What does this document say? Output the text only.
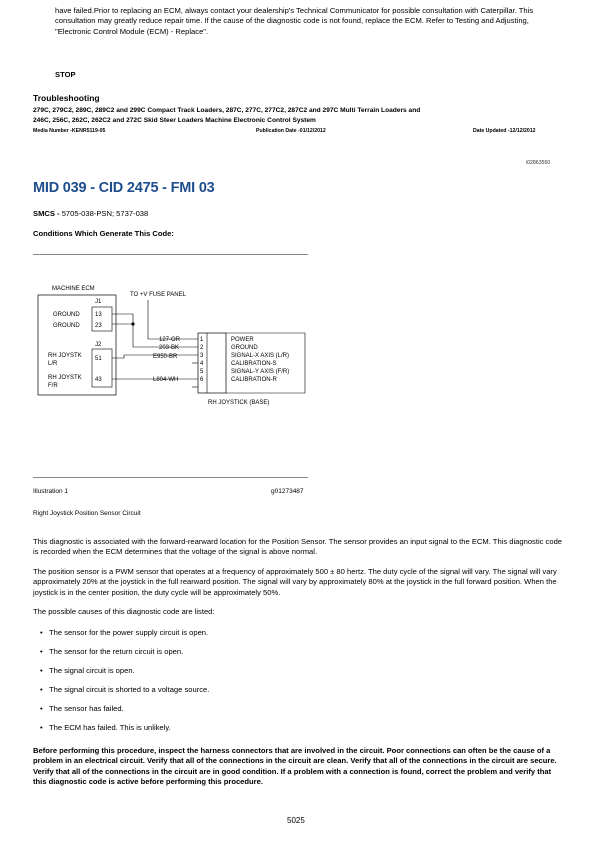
have failed.Prior to replacing an ECM, always contact your dealership's Technical Communicator for possible consultation with Caterpillar. This consultation may greatly reduce repair time. If the cause of the diagnostic code is not found, replace the ECM. Refer to Testing and Adjusting, "Electronic Control Module (ECM) - Replace".
STOP
Troubleshooting
279C, 279C2, 289C, 289C2 and 299C Compact Track Loaders, 287C, 277C, 277C2, 287C2 and 297C Multi Terrain Loaders and
246C, 256C, 262C, 262C2 and 272C Skid Steer Loaders Machine Electronic Control System
Media Number -KENR5119-05	Publication Date -01/12/2012	Date Updated -12/12/2012
i02863550
MID 039 - CID 2475 - FMI 03
SMCS - 5705-038-PSN; 5737-038
Conditions Which Generate This Code:
MACHINE ECM
J1
J2
GROUND
GROUND
13
23
RH JOYSTK
L/R
RH JOYSTK
F/R
51
43
TO +V FUSE PANEL
127-OR
203-BK
E950-BR
L804-WH
1
2
3
4
5
6
POWER
GROUND
SIGNAL-X AXIS (L/R)
CALIBRATION-S
SIGNAL-Y AXIS (F/R)
CALIBRATION-R
RH JOYSTICK (BASE)
Illustration 1	g01273487
Right Joystick Position Sensor Circuit
This diagnostic is associated with the forward-rearward location for the Position Sensor. The sensor provides an input signal to the ECM. This diagnostic code is recorded when the ECM determines that the voltage of the signal is above normal.
The position sensor is a PWM sensor that operates at a frequency of approximately 500 ± 80 hertz. The duty cycle of the signal will vary. The signal will vary approximately 20% at the joystick in the full rearward position. The signal will vary by approximately 80% at the joystick in the full forward position. When the joystick is in the center position, the duty cycle will be approximately 50%.
The possible causes of this diagnostic code are listed:
• The sensor for the power supply circuit is open.
• The sensor for the return circuit is open.
• The signal circuit is open.
• The signal circuit is shorted to a voltage source.
• The sensor has failed.
• The ECM has failed. This is unlikely.
Before performing this procedure, inspect the harness connectors that are involved in the circuit. Poor connections can often be the cause of a problem in an electrical circuit. Verify that all of the connections in the circuit are clean. Verify that all of the connections in the circuit are secure. Verify that all of the connections in the circuit are in good condition. If a problem with a connection is found, correct the problem and verify that this diagnostic code is active before performing this procedure.
5025
